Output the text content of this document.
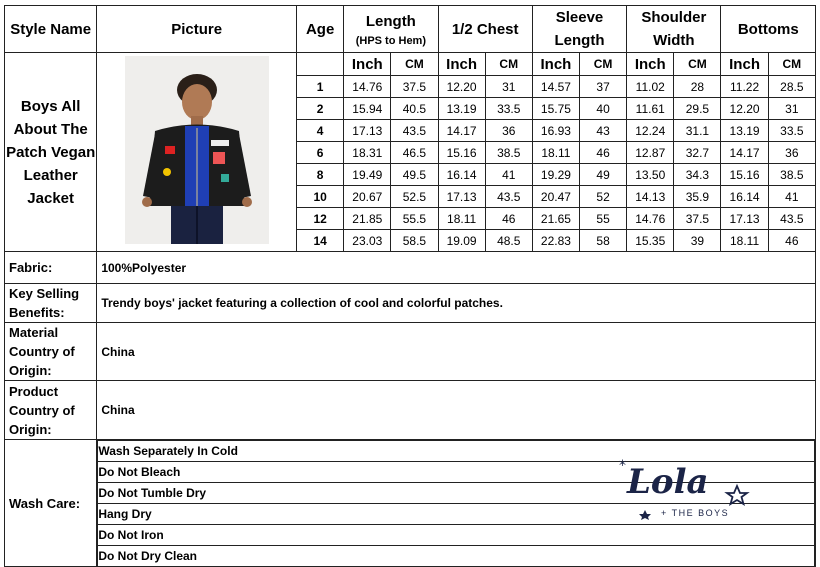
Style Name	Picture	Age	Length
(HPS to Hem)
	1/2 Chest	Sleeve Length	Shoulder Width	Bottoms
Boys All About The Patch Vegan Leather Jacket			Inch	CM	Inch	CM	Inch	CM	Inch	CM	Inch	CM
1	14.76	37.5	12.20	31	14.57	37	11.02	28	11.22	28.5
2	15.94	40.5	13.19	33.5	15.75	40	11.61	29.5	12.20	31
4	17.13	43.5	14.17	36	16.93	43	12.24	31.1	13.19	33.5
6	18.31	46.5	15.16	38.5	18.11	46	12.87	32.7	14.17	36
8	19.49	49.5	16.14	41	19.29	49	13.50	34.3	15.16	38.5
10	20.67	52.5	17.13	43.5	20.47	52	14.13	35.9	16.14	41
12	21.85	55.5	18.11	46	21.65	55	14.76	37.5	17.13	43.5
14	23.03	58.5	19.09	48.5	22.83	58	15.35	39	18.11	46
Fabric:	100%Polyester
Key Selling Benefits:	Trendy boys' jacket featuring a collection of cool and colorful patches.
Material Country of Origin:	China
Product Country of Origin:	China
Wash Care:	
Wash Separately In Cold
Do Not Bleach
Do Not Tumble Dry
Hang Dry
Do Not Iron
Do Not Dry Clean
* Lola
+ THE BOYS
